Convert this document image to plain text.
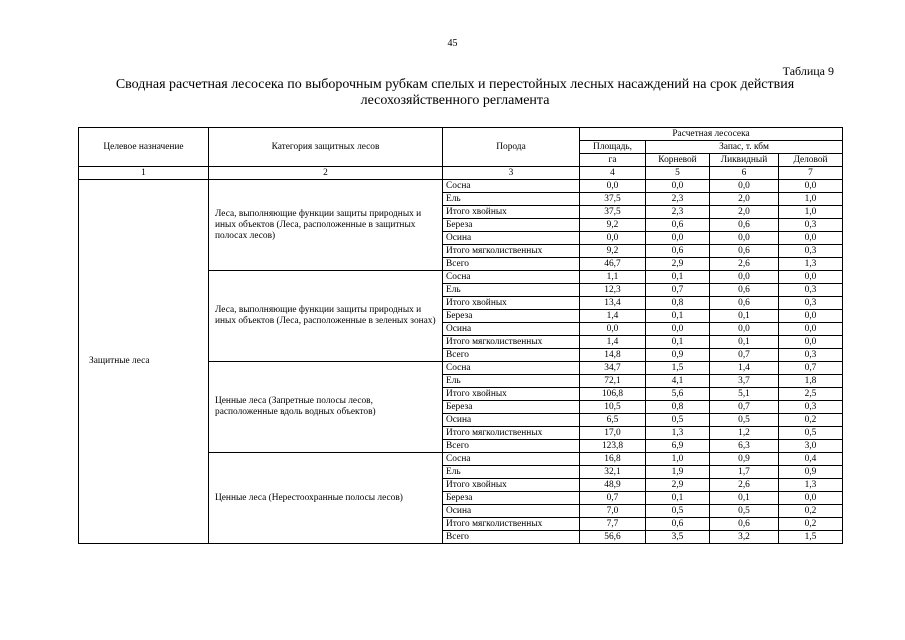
45
Таблица 9
Сводная расчетная лесосека по выборочным рубкам спелых и перестойных лесных насаждений на срок действия
лесохозяйственного регламента
Целевое назначение	Категория защитных лесов	Порода	Расчетная лесосека			
			Площадь,	Запас, т. кбм		
			га	Корневой	Ликвидный	Деловой
1	2	3	4	5	6	7
Защитные леса	Леса, выполняющие функции защиты природных и иных объектов (Леса, расположенные в защитных полосах лесов)	Сосна	0,0	0,0	0,0	0,0
		Ель	37,5	2,3	2,0	1,0
		Итого хвойных	37,5	2,3	2,0	1,0
		Береза	9,2	0,6	0,6	0,3
		Осина	0,0	0,0	0,0	0,0
		Итого мягколиственных	9,2	0,6	0,6	0,3
		Всего	46,7	2,9	2,6	1,3
	Леса, выполняющие функции защиты природных и иных объектов (Леса, расположенные в зеленых зонах)	Сосна	1,1	0,1	0,0	0,0
		Ель	12,3	0,7	0,6	0,3
		Итого хвойных	13,4	0,8	0,6	0,3
		Береза	1,4	0,1	0,1	0,0
		Осина	0,0	0,0	0,0	0,0
		Итого мягколиственных	1,4	0,1	0,1	0,0
		Всего	14,8	0,9	0,7	0,3
	Ценные леса (Запретные полосы лесов, расположенные вдоль водных объектов)	Сосна	34,7	1,5	1,4	0,7
		Ель	72,1	4,1	3,7	1,8
		Итого хвойных	106,8	5,6	5,1	2,5
		Береза	10,5	0,8	0,7	0,3
		Осина	6,5	0,5	0,5	0,2
		Итого мягколиственных	17,0	1,3	1,2	0,5
		Всего	123,8	6,9	6,3	3,0
	Ценные леса (Нерестоохранные полосы лесов)	Сосна	16,8	1,0	0,9	0,4
		Ель	32,1	1,9	1,7	0,9
		Итого хвойных	48,9	2,9	2,6	1,3
		Береза	0,7	0,1	0,1	0,0
		Осина	7,0	0,5	0,5	0,2
		Итого мягколиственных	7,7	0,6	0,6	0,2
		Всего	56,6	3,5	3,2	1,5
